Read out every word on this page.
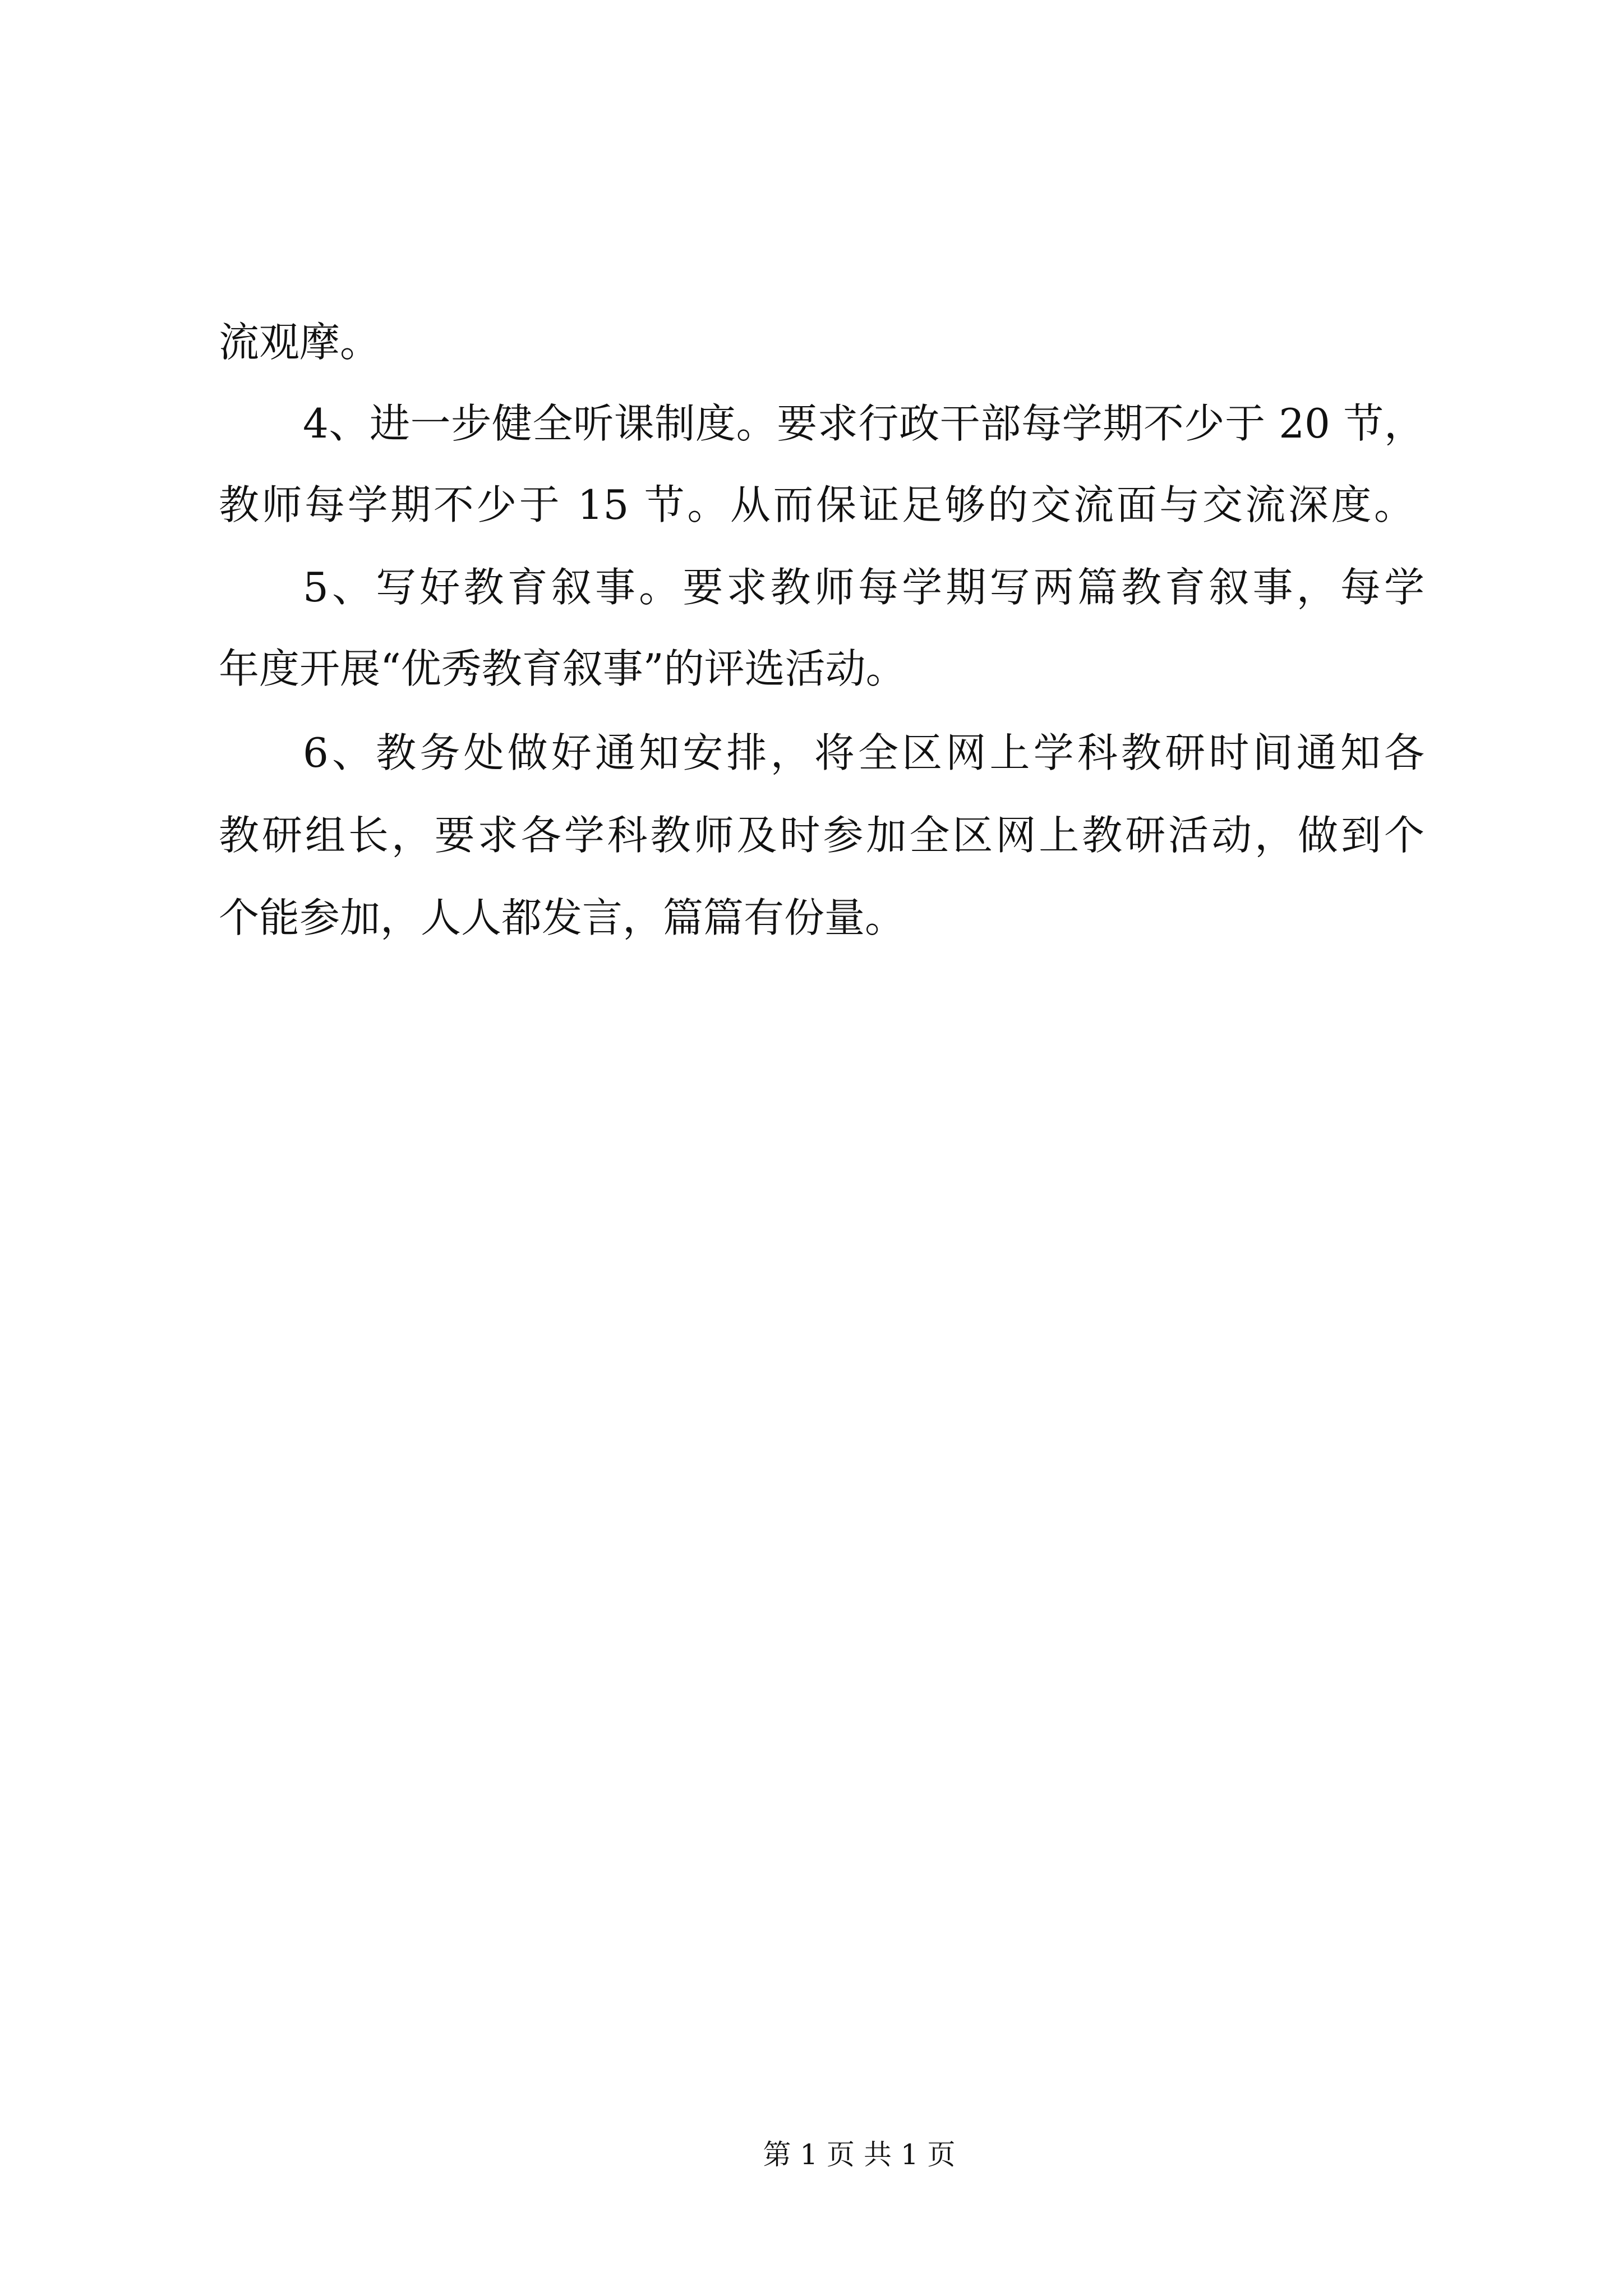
流观摩。
4、进一步健全听课制度。要求行政干部每学期不少于 20 节，
教师每学期不少于 15 节。从而保证足够的交流面与交流深度。
5、写好教育叙事。要求教师每学期写两篇教育叙事，每学
年度开展“优秀教育叙事”的评选活动。
6、教务处做好通知安排，将全区网上学科教研时间通知各
教研组长，要求各学科教师及时参加全区网上教研活动，做到个
个能参加，人人都发言，篇篇有份量。
第 1 页 共 1 页
